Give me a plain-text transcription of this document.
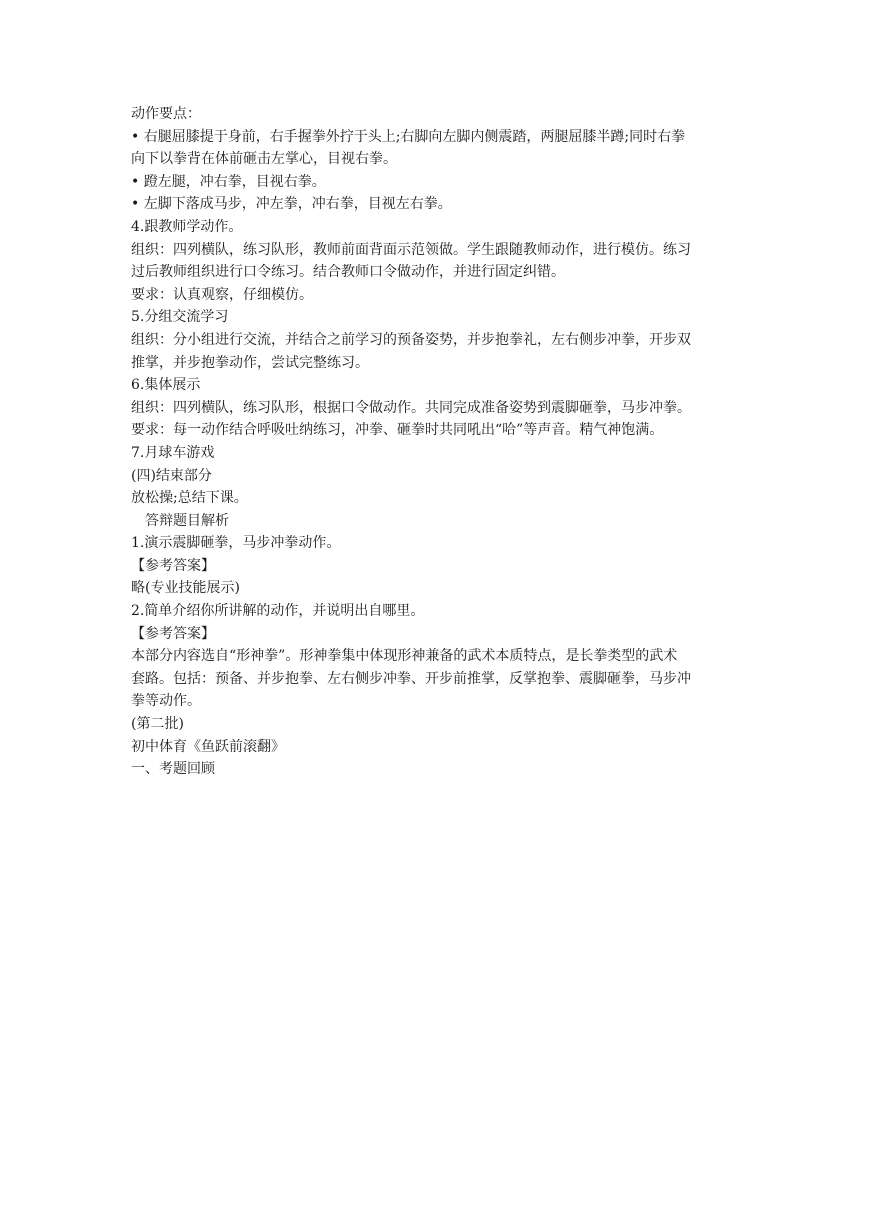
动作要点：
• 右腿屈膝提于身前，右手握拳外拧于头上;右脚向左脚内侧震踏，两腿屈膝半蹲;同时右拳
向下以拳背在体前砸击左掌心，目视右拳。
• 蹬左腿，冲右拳，目视右拳。
• 左脚下落成马步，冲左拳，冲右拳，目视左右拳。
4.跟教师学动作。
组织：四列横队，练习队形，教师前面背面示范领做。学生跟随教师动作，进行模仿。练习
过后教师组织进行口令练习。结合教师口令做动作，并进行固定纠错。
要求：认真观察，仔细模仿。
5.分组交流学习
组织：分小组进行交流，并结合之前学习的预备姿势，并步抱拳礼，左右侧步冲拳，开步双
推掌，并步抱拳动作，尝试完整练习。
6.集体展示
组织：四列横队，练习队形，根据口令做动作。共同完成准备姿势到震脚砸拳，马步冲拳。
要求：每一动作结合呼吸吐纳练习，冲拳、砸拳时共同吼出“哈”等声音。精气神饱满。
7.月球车游戏
(四)结束部分
放松操;总结下课。
答辩题目解析
1.演示震脚砸拳，马步冲拳动作。
【参考答案】
略(专业技能展示)
2.简单介绍你所讲解的动作，并说明出自哪里。
【参考答案】
本部分内容选自“形神拳”。形神拳集中体现形神兼备的武术本质特点，是长拳类型的武术
套路。包括：预备、并步抱拳、左右侧步冲拳、开步前推掌，反掌抱拳、震脚砸拳，马步冲
拳等动作。
(第二批)
初中体育《鱼跃前滚翻》
一、考题回顾
